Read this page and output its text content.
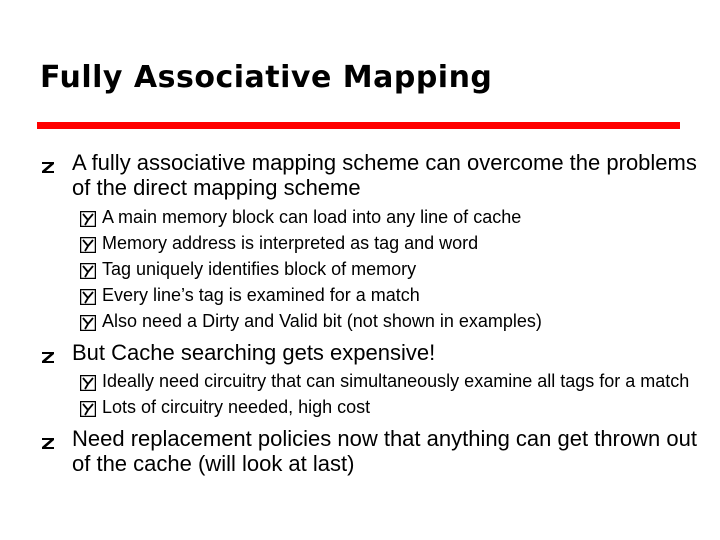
Fully Associative Mapping
A fully associative mapping scheme can overcome the problems of the direct mapping scheme
A main memory block can load into any line of cache
Memory address is interpreted as tag and word
Tag uniquely identifies block of memory
Every line’s tag is examined for a match
Also need a Dirty and Valid bit (not shown in examples)
But Cache searching gets expensive!
Ideally need circuitry that can simultaneously examine all tags for a match
Lots of circuitry needed, high cost
Need replacement policies now that anything can get thrown out of the cache (will look at last)
